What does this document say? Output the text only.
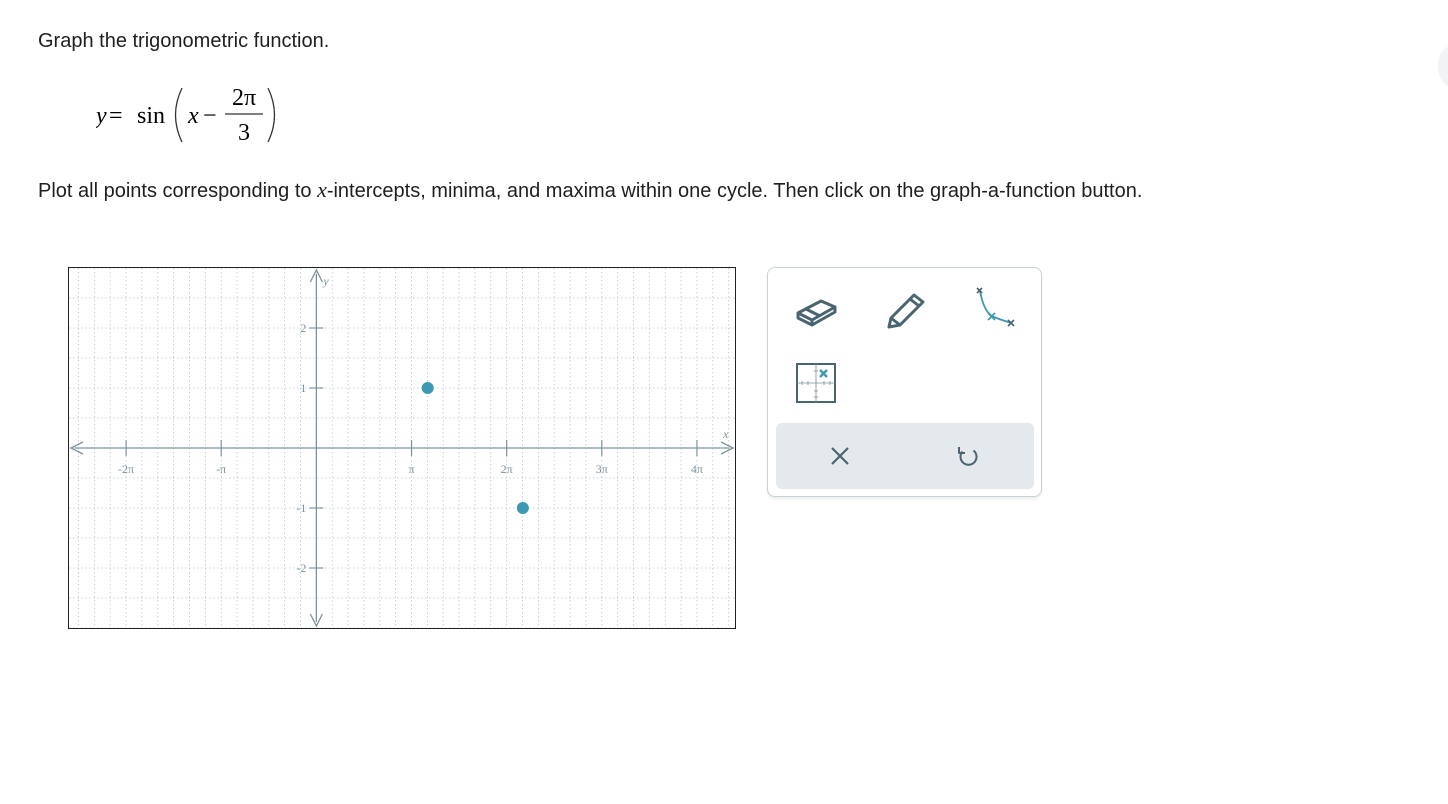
Graph the trigonometric function.
y = sin x −
2π
3
Plot all points corresponding to x-intercepts, minima, and maxima within one cycle. Then click on the graph-a-function button.
x
y
-2π	-π	π	2π	3π	4π
2
1
-1
-2
